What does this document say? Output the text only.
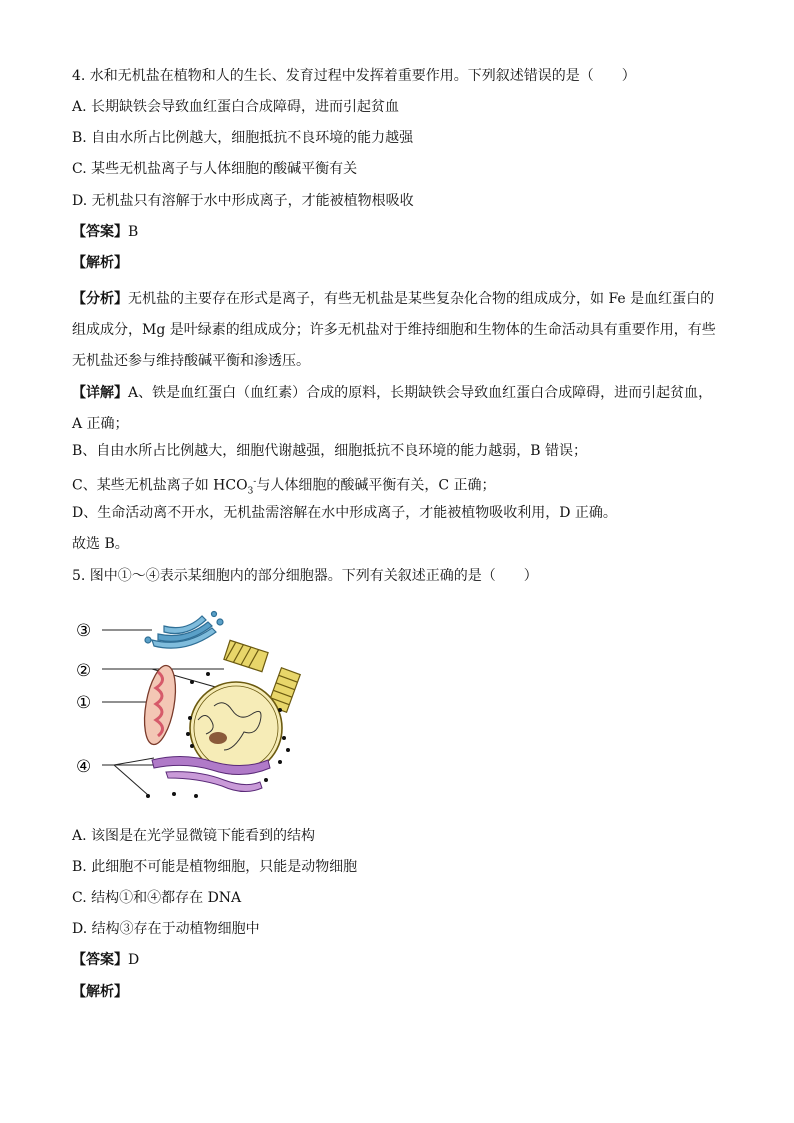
4. 水和无机盐在植物和人的生长、发育过程中发挥着重要作用。下列叙述错误的是（　　）
A. 长期缺铁会导致血红蛋白合成障碍，进而引起贫血
B. 自由水所占比例越大，细胞抵抗不良环境的能力越强
C. 某些无机盐离子与人体细胞的酸碱平衡有关
D. 无机盐只有溶解于水中形成离子，才能被植物根吸收
【答案】B
【解析】
【分析】无机盐的主要存在形式是离子，有些无机盐是某些复杂化合物的组成成分，如 Fe 是血红蛋白的组成成分，Mg 是叶绿素的组成成分；许多无机盐对于维持细胞和生物体的生命活动具有重要作用，有些无机盐还参与维持酸碱平衡和渗透压。
【详解】A、铁是血红蛋白（血红素）合成的原料，长期缺铁会导致血红蛋白合成障碍，进而引起贫血，A 正确；
B、自由水所占比例越大，细胞代谢越强，细胞抵抗不良环境的能力越弱，B 错误；
C、某些无机盐离子如 $HCO_3^-$与人体细胞的酸碱平衡有关，C 正确；
D、生命活动离不开水，无机盐需溶解在水中形成离子，才能被植物吸收利用，D 正确。
故选 B。
5. 图中①～④表示某细胞内的部分细胞器。下列有关叙述正确的是（　　）
③
②
①
④
A. 该图是在光学显微镜下能看到的结构
B. 此细胞不可能是植物细胞，只能是动物细胞
C. 结构①和④都存在 DNA
D. 结构③存在于动植物细胞中
【答案】D
【解析】
